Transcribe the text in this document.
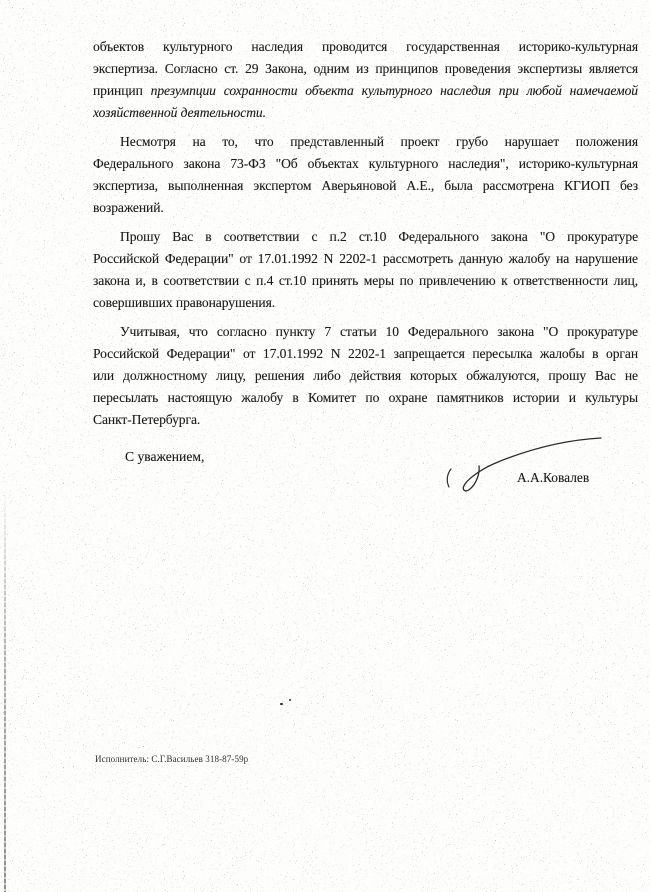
объектов культурного наследия проводится государственная историко-культурная
экспертиза. Согласно ст. 29 Закона, одним из принципов проведения экспертизы является
принцип презумпции сохранности объекта культурного наследия при любой намечаемой
хозяйственной деятельности.
Несмотря на то, что представленный проект грубо нарушает положения
Федерального закона 73-ФЗ "Об объектах культурного наследия", историко-культурная
экспертиза, выполненная экспертом Аверьяновой А.Е., была рассмотрена КГИОП без
возражений.
Прошу Вас в соответствии с п.2 ст.10 Федерального закона "О прокуратуре
Российской Федерации" от 17.01.1992 N 2202-1 рассмотреть данную жалобу на нарушение
закона и, в соответствии с п.4 ст.10 принять меры по привлечению к ответственности лиц,
совершивших правонарушения.
Учитывая, что согласно пункту 7 статьи 10 Федерального закона "О прокуратуре
Российской Федерации" от 17.01.1992 N 2202-1 запрещается пересылка жалобы в орган
или должностному лицу, решения либо действия которых обжалуются, прошу Вас не
пересылать настоящую жалобу в Комитет по охране памятников истории и культуры
Санкт-Петербурга.
С уважением,
А.А.Ковалев
Исполнитель: С.Г.Васильев 318-87-59р
